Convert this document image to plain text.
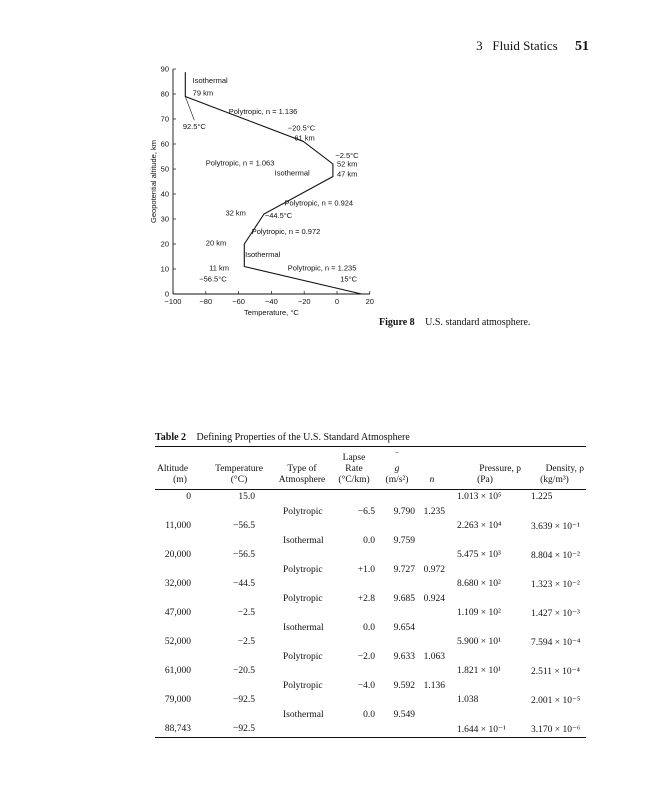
3   Fluid Statics 51
−100 −80	−60	−40	−20	0	20
0
10
20
30
40
50
60
70
80
90
Isothermal
79 km
Polytropic, n = 1.136
92.5°C	−20.5°C
61 km
−2.5°C
52 km
Polytropic, n = 1.063
Isothermal	47 km
Polytropic, n = 0.924
32 km	−44.5°C
Polytropic, n = 0.972
20 km
Isothermal
11 km	Polytropic, n = 1.235
−56.5°C	15°C
Temperature, °C
Geopotential altitude, km
Figure 8 U.S. standard atmosphere.
Table 2 Defining Properties of the U.S. Standard Atmosphere

			Lapse	‾			
Altitude	Temperature	Type of	Rate	g		Pressure, p	Density, ρ
(m)	(°C)	Atmosphere	(°C/km)	(m/s²)	n	(Pa)	(kg/m³)
0	15.0					1.013 × 10⁵	1.225
		Polytropic	−6.5	9.790	1.235		
11,000	−56.5					2.263 × 10⁴	3.639 × 10⁻¹
		Isothermal	0.0	9.759			
20,000	−56.5					5.475 × 10³	8.804 × 10⁻²
		Polytropic	+1.0	9.727	0.972		
32,000	−44.5					8.680 × 10²	1.323 × 10⁻²
		Polytropic	+2.8	9.685	0.924		
47,000	−2.5					1.109 × 10²	1.427 × 10⁻³
		Isothermal	0.0	9.654			
52,000	−2.5					5.900 × 10¹	7.594 × 10⁻⁴
		Polytropic	−2.0	9.633	1.063		
61,000	−20.5					1.821 × 10¹	2.511 × 10⁻⁴
		Polytropic	−4.0	9.592	1.136		
79,000	−92.5					1.038	2.001 × 10⁻⁵
		Isothermal	0.0	9.549			
88,743	−92.5					1.644 × 10⁻¹	3.170 × 10⁻⁶
